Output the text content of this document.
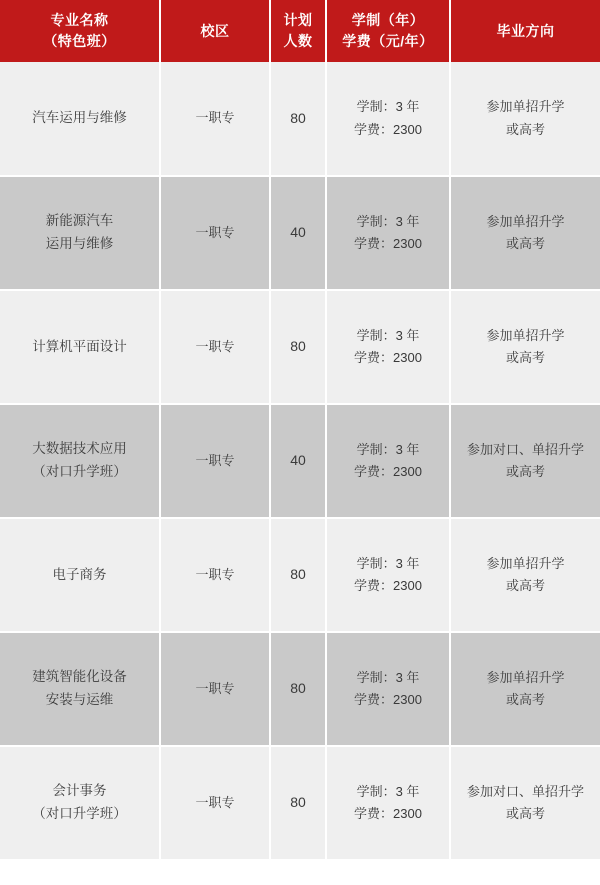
专业名称
（特色班）	校区	计划
人数	学制（年）
学费（元/年）	毕业方向

汽车运用与维修	一职专	80	学制：3 年
学费：2300	参加单招升学
或高考

新能源汽车
运用与维修	一职专	40	学制：3 年
学费：2300	参加单招升学
或高考

计算机平面设计	一职专	80	学制：3 年
学费：2300	参加单招升学
或高考

大数据技术应用
（对口升学班）	一职专	40	学制：3 年
学费：2300	参加对口、单招升学
或高考

电子商务	一职专	80	学制：3 年
学费：2300	参加单招升学
或高考

建筑智能化设备
安装与运维	一职专	80	学制：3 年
学费：2300	参加单招升学
或高考

会计事务
（对口升学班）	一职专	80	学制：3 年
学费：2300	参加对口、单招升学
或高考
